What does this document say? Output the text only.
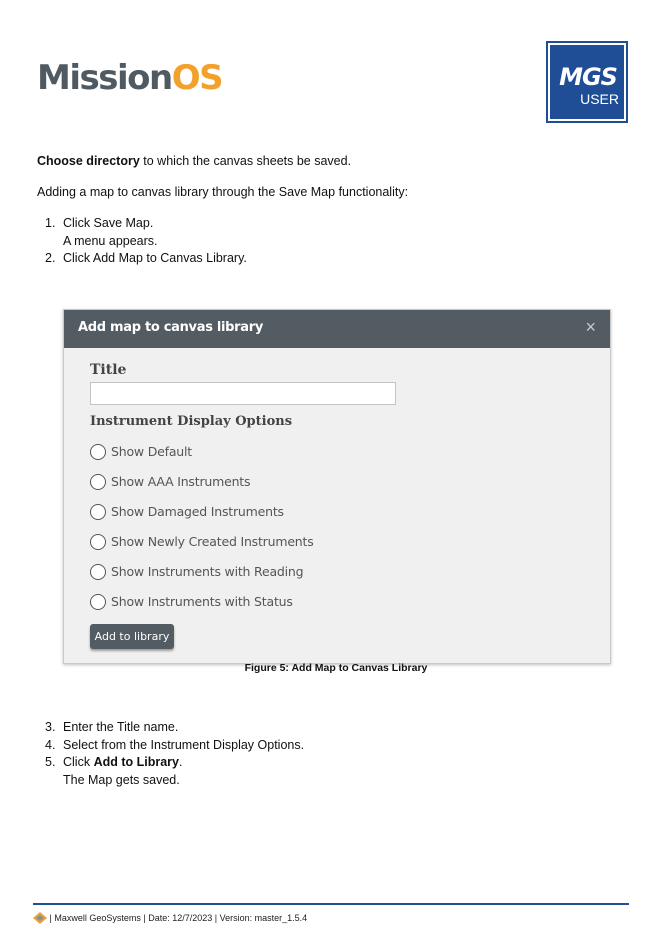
MissionOS	MGS
USER
Choose directory to which the canvas sheets be saved.
Adding a map to canvas library through the Save Map functionality:
1. Click Save Map.
A menu appears.
2. Click Add Map to Canvas Library.
Add map to canvas library	×
Title
Instrument Display Options
Show Default
Show AAA Instruments
Show Damaged Instruments
Show Newly Created Instruments
Show Instruments with Reading
Show Instruments with Status
Add to library
Figure 5: Add Map to Canvas Library
3. Enter the Title name.
4. Select from the Instrument Display Options.
5. Click Add to Library.
The Map gets saved.
| Maxwell GeoSystems | Date: 12/7/2023 | Version: master_1.5.4
